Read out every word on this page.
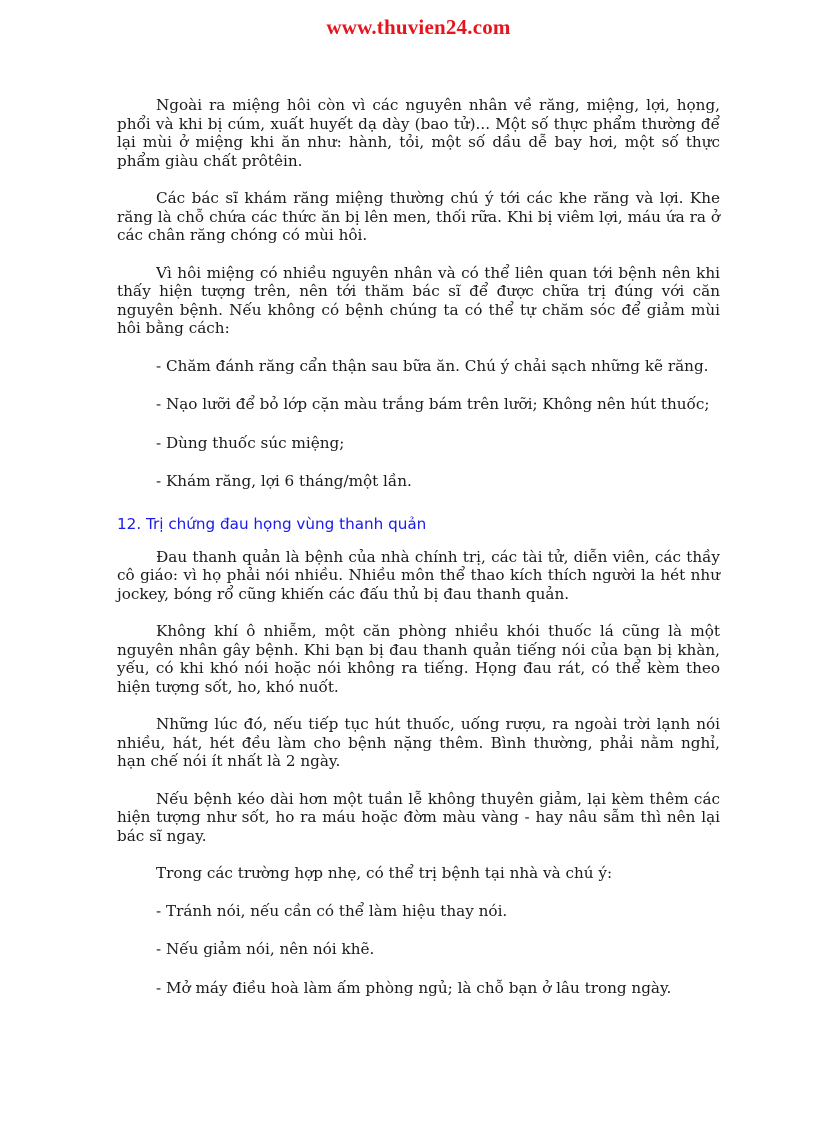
www.thuvien24.com

Ngoài ra miệng hôi còn vì các nguyên nhân về răng, miệng, lợi, họng, phổi và khi bị cúm, xuất huyết dạ dày (bao tử)... Một số thực phẩm thường để lại mùi ở miệng khi ăn như: hành, tỏi, một số dầu dễ bay hơi, một số thực phẩm giàu chất prôtêin.

Các bác sĩ khám răng miệng thường chú ý tới các khe răng và lợi. Khe răng là chỗ chứa các thức ăn bị lên men, thối rữa. Khi bị viêm lợi, máu ứa ra ở các chân răng chóng có mùi hôi.

Vì hôi miệng có nhiều nguyên nhân và có thể liên quan tới bệnh nên khi thấy hiện tượng trên, nên tới thăm bác sĩ để được chữa trị đúng với căn nguyên bệnh. Nếu không có bệnh chúng ta có thể tự chăm sóc để giảm mùi hôi bằng cách:

- Chăm đánh răng cẩn thận sau bữa ăn. Chú ý chải sạch những kẽ răng.

- Nạo lưỡi để bỏ lớp cặn màu trắng bám trên lưỡi; Không nên hút thuốc;

- Dùng thuốc súc miệng;

- Khám răng, lợi 6 tháng/một lần.

12. Trị chứng đau họng vùng thanh quản

Đau thanh quản là bệnh của nhà chính trị, các tài tử, diễn viên, các thầy cô giáo: vì họ phải nói nhiều. Nhiều môn thể thao kích thích người la hét như jockey, bóng rổ cũng khiến các đấu thủ bị đau thanh quản.

Không khí ô nhiễm, một căn phòng nhiều khói thuốc lá cũng là một nguyên nhân gây bệnh. Khi bạn bị đau thanh quản tiếng nói của bạn bị khàn, yếu, có khi khó nói hoặc nói không ra tiếng. Họng đau rát, có thể kèm theo hiện tượng sốt, ho, khó nuốt.

Những lúc đó, nếu tiếp tục hút thuốc, uống rượu, ra ngoài trời lạnh nói nhiều, hát, hét đều làm cho bệnh nặng thêm. Bình thường, phải nằm nghỉ, hạn chế nói ít nhất là 2 ngày.

Nếu bệnh kéo dài hơn một tuần lễ không thuyên giảm, lại kèm thêm các hiện tượng như sốt, ho ra máu hoặc đờm màu vàng - hay nâu sẫm thì nên lại bác sĩ ngay.

Trong các trường hợp nhẹ, có thể trị bệnh tại nhà và chú ý:

- Tránh nói, nếu cần có thể làm hiệu thay nói.

- Nếu giảm nói, nên nói khẽ.

- Mở máy điều hoà làm ấm phòng ngủ; là chỗ bạn ở lâu trong ngày.
